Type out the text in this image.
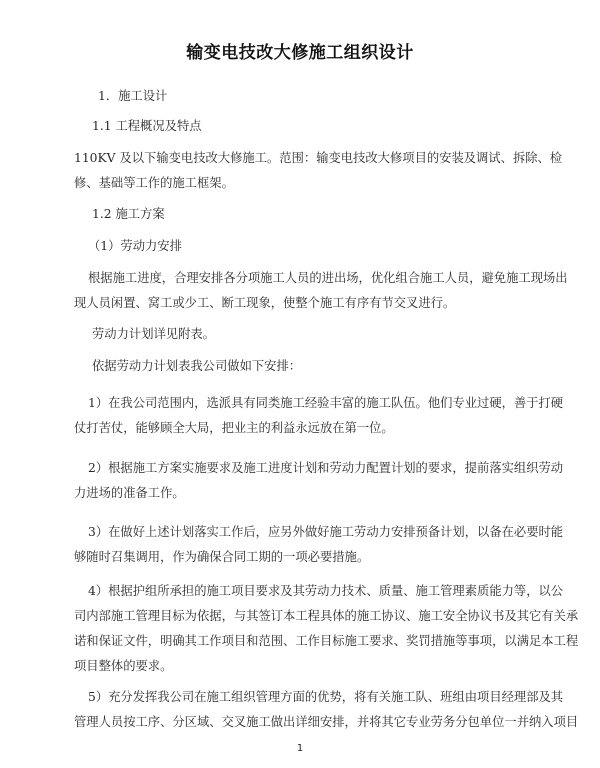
输变电技改大修施工组织设计
1．施工设计
1.1 工程概况及特点
110KV 及以下输变电技改大修施工。范围：输变电技改大修项目的安装及调试、拆除、检
修、基础等工作的施工框架。
1.2 施工方案
（1）劳动力安排
根据施工进度，合理安排各分项施工人员的进出场，优化组合施工人员，避免施工现场出
现人员闲置、窝工或少工、断工现象，使整个施工有序有节交叉进行。
劳动力计划详见附表。
依据劳动力计划表我公司做如下安排：
1）在我公司范围内，选派具有同类施工经验丰富的施工队伍。他们专业过硬，善于打硬
仗打苦仗，能够顾全大局，把业主的利益永远放在第一位。
2）根据施工方案实施要求及施工进度计划和劳动力配置计划的要求，提前落实组织劳动
力进场的准备工作。
3）在做好上述计划落实工作后，应另外做好施工劳动力安排预备计划，以备在必要时能
够随时召集调用，作为确保合同工期的一项必要措施。
4）根据护组所承担的施工项目要求及其劳动力技术、质量、施工管理素质能力等，以公
司内部施工管理目标为依据，与其签订本工程具体的施工协议、施工安全协议书及其它有关承
诺和保证文件，明确其工作项目和范围、工作目标施工要求、奖罚措施等事项，以满足本工程
项目整体的要求。
5）充分发挥我公司在施工组织管理方面的优势，将有关施工队、班组由项目经理部及其
管理人员按工序、分区域、交叉施工做出详细安排，并将其它专业劳务分包单位一并纳入项目
1
